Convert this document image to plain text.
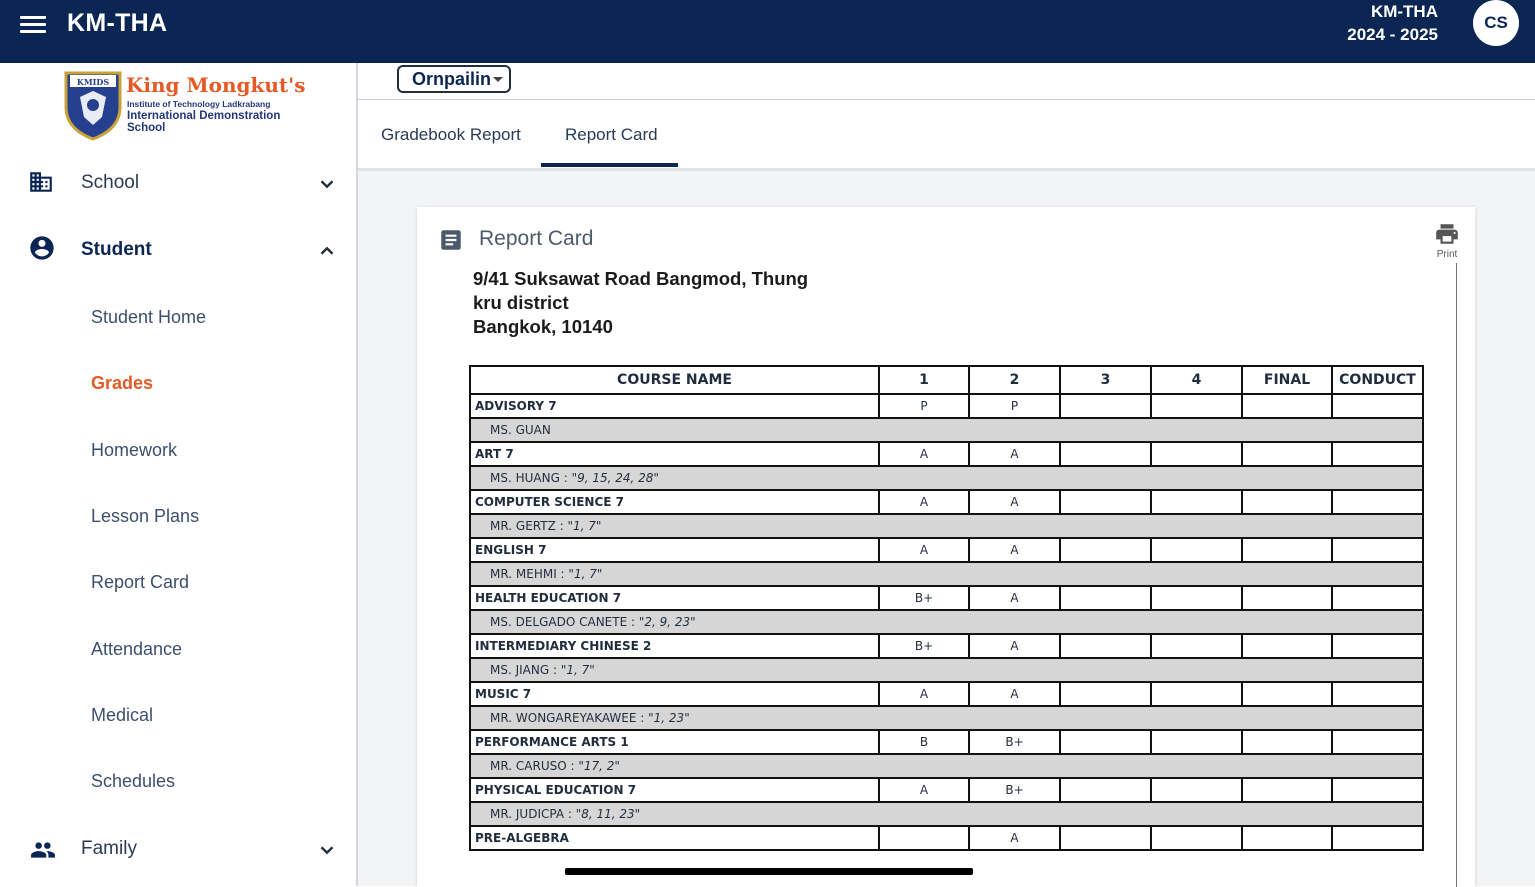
KM-THA	KM-THA
2024 - 2025
CS
KMIDS King Mongkut's
Institute of Technology Ladkrabang
International Demonstration
School
School
Student
Student Home
Grades
Homework
Lesson Plans
Report Card
Attendance
Medical
Schedules
Family
Ornpailin
Gradebook Report	Report Card
Report Card
Print
9/41 Suksawat Road Bangmod, Thung
kru district
Bangkok, 10140
COURSE NAME	1	2	3	4	FINAL	CONDUCT
ADVISORY 7	P	P				
MS. GUAN						
ART 7	A	A				
MS. HUANG : "9, 15, 24, 28"						
COMPUTER SCIENCE 7	A	A				
MR. GERTZ : "1, 7"						
ENGLISH 7	A	A				
MR. MEHMI : "1, 7"						
HEALTH EDUCATION 7	B+	A				
MS. DELGADO CANETE : "2, 9, 23"						
INTERMEDIARY CHINESE 2	B+	A				
MS. JIANG : "1, 7"						
MUSIC 7	A	A				
MR. WONGAREYAKAWEE : "1, 23"						
PERFORMANCE ARTS 1	B	B+				
MR. CARUSO : "17, 2"						
PHYSICAL EDUCATION 7	A	B+				
MR. JUDICPA : "8, 11, 23"						
PRE-ALGEBRA		A				
